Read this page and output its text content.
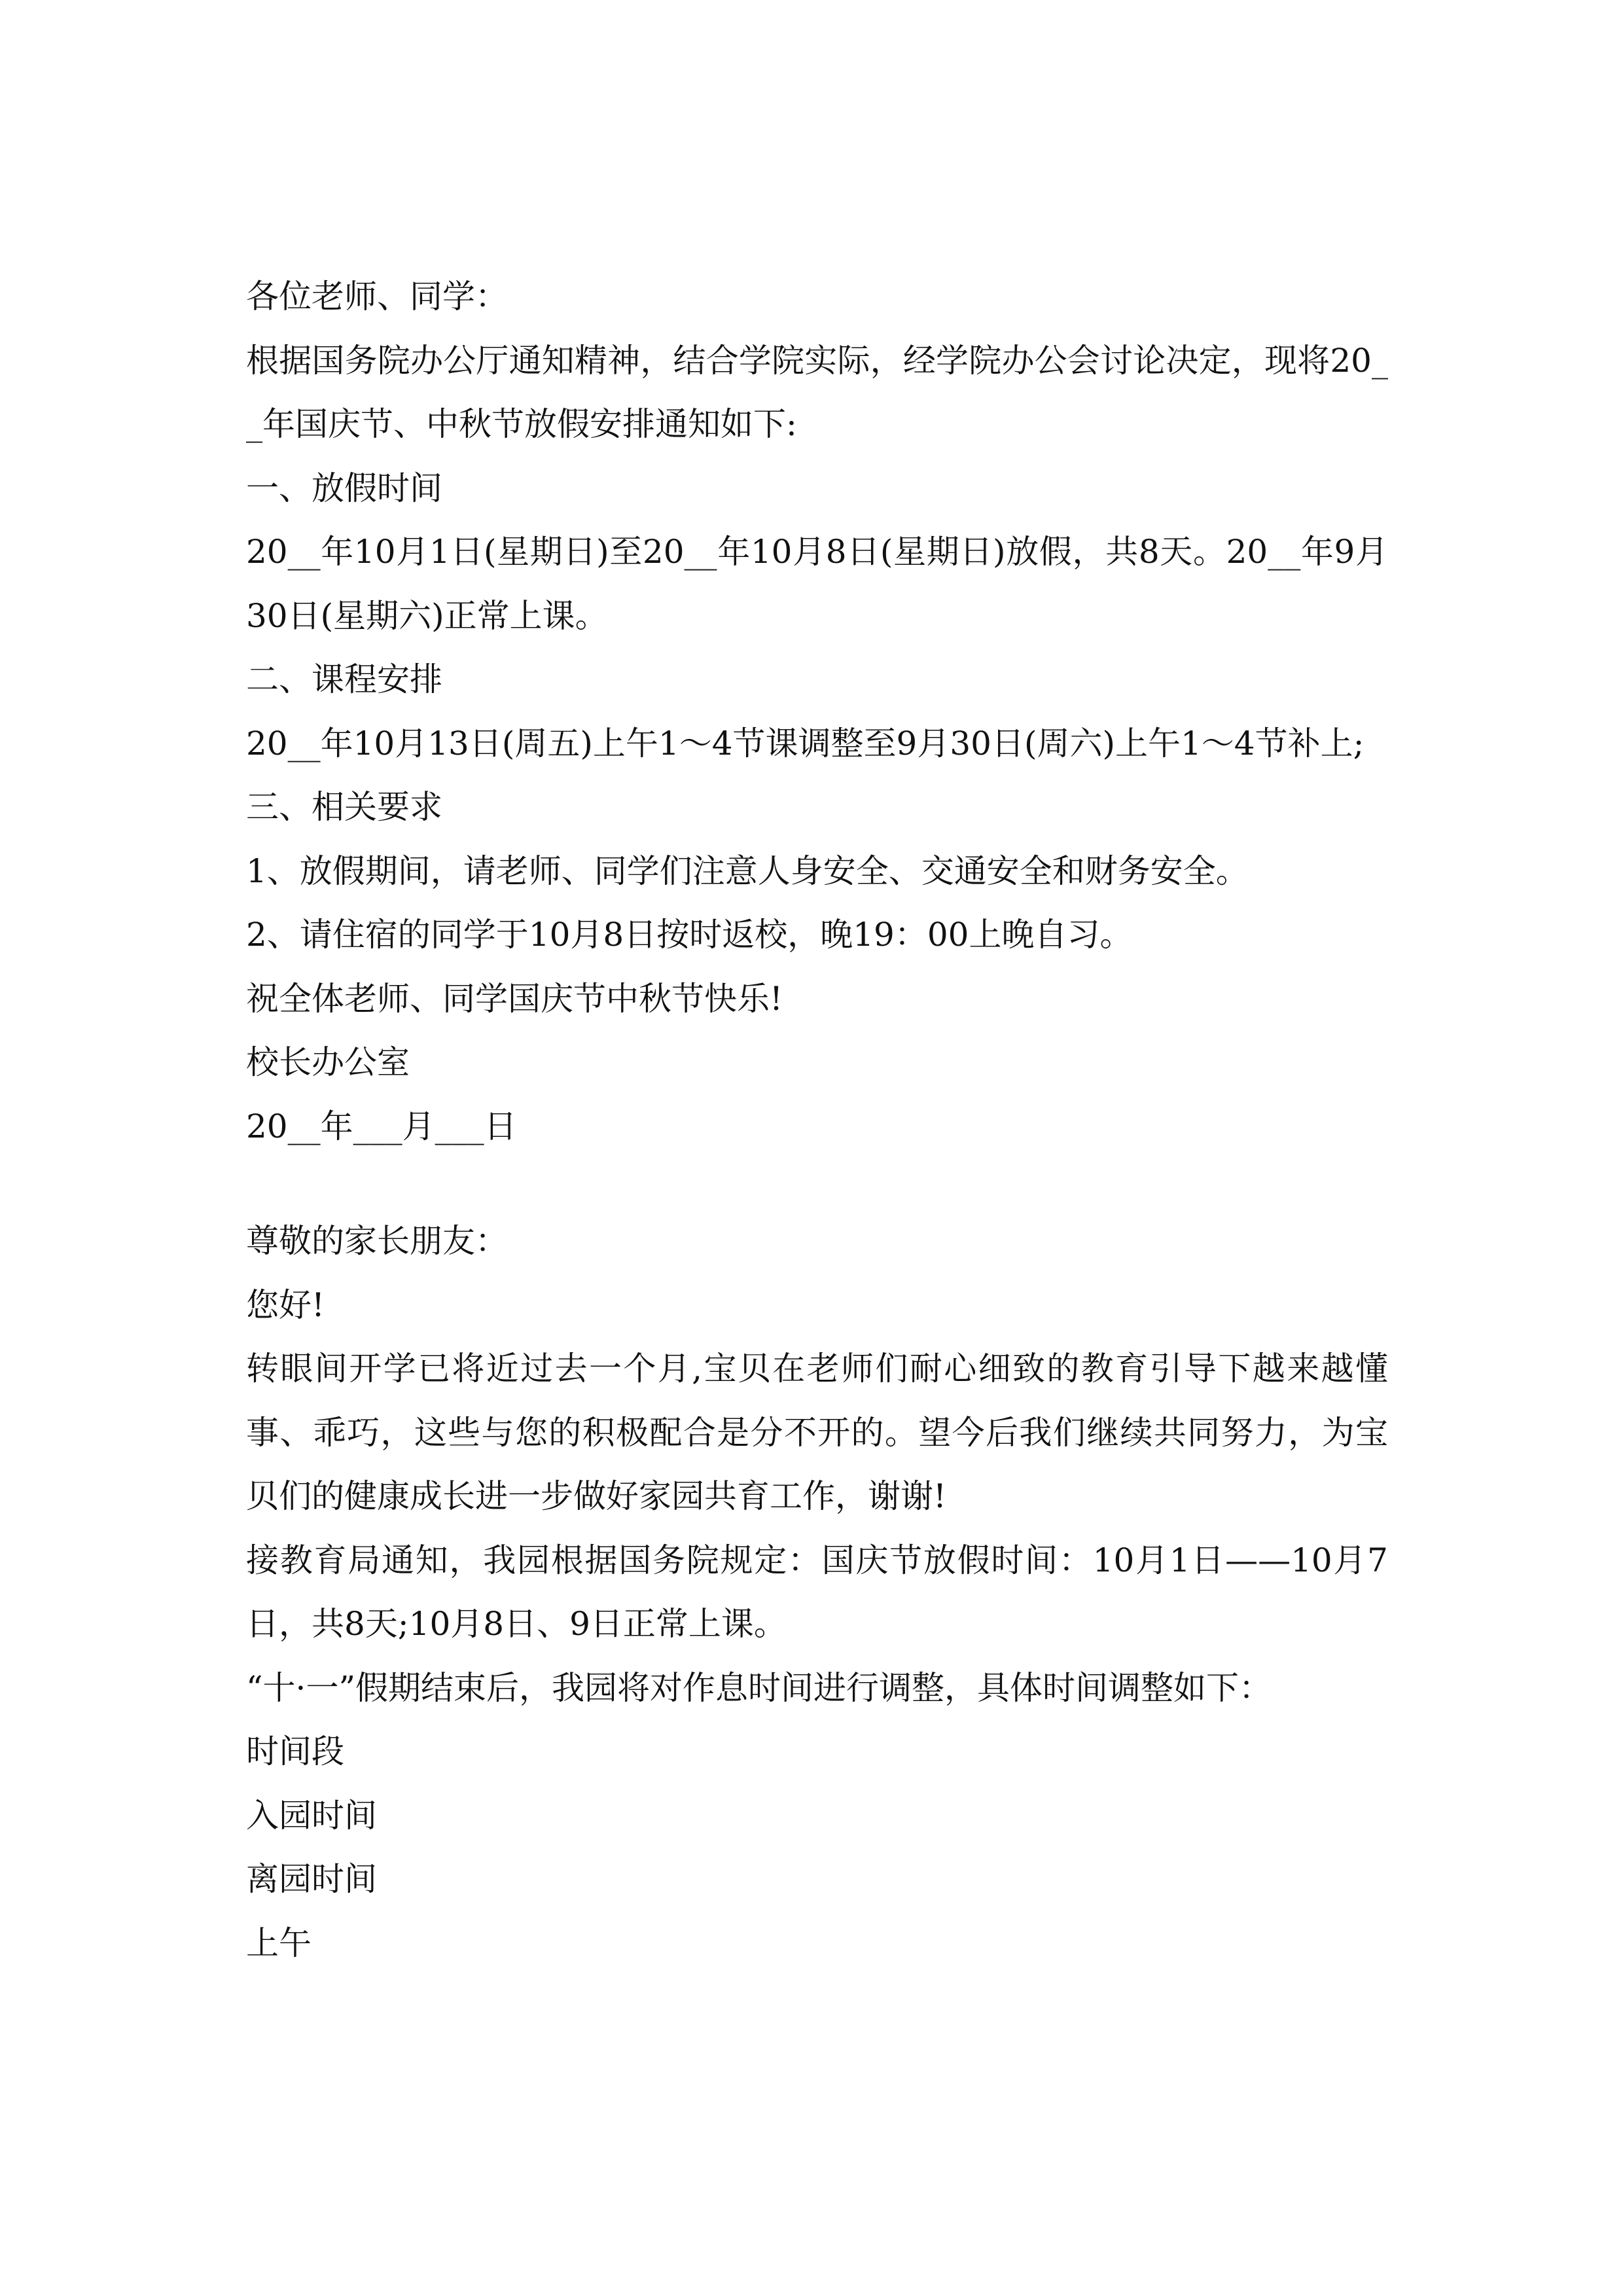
各位老师、同学：

根据国务院办公厅通知精神，结合学院实际，经学院办公会讨论决定，现将20__年国庆节、中秋节放假安排通知如下:

一、放假时间

20__年10月1日(星期日)至20__年10月8日(星期日)放假，共8天。20__年9月30日(星期六)正常上课。

二、课程安排

20__年10月13日(周五)上午1～4节课调整至9月30日(周六)上午1～4节补上;

三、相关要求

1、放假期间，请老师、同学们注意人身安全、交通安全和财务安全。

2、请住宿的同学于10月8日按时返校，晚19：00上晚自习。

祝全体老师、同学国庆节中秋节快乐!

校长办公室

20__年___月___日

尊敬的家长朋友：

您好!

转眼间开学已将近过去一个月,宝贝在老师们耐心细致的教育引导下越来越懂事、乖巧，这些与您的积极配合是分不开的。望今后我们继续共同努力，为宝贝们的健康成长进一步做好家园共育工作，谢谢!

接教育局通知，我园根据国务院规定：国庆节放假时间：10月1日——10月7日，共8天;10月8日、9日正常上课。

“十·一”假期结束后，我园将对作息时间进行调整，具体时间调整如下：

时间段

入园时间

离园时间

上午
